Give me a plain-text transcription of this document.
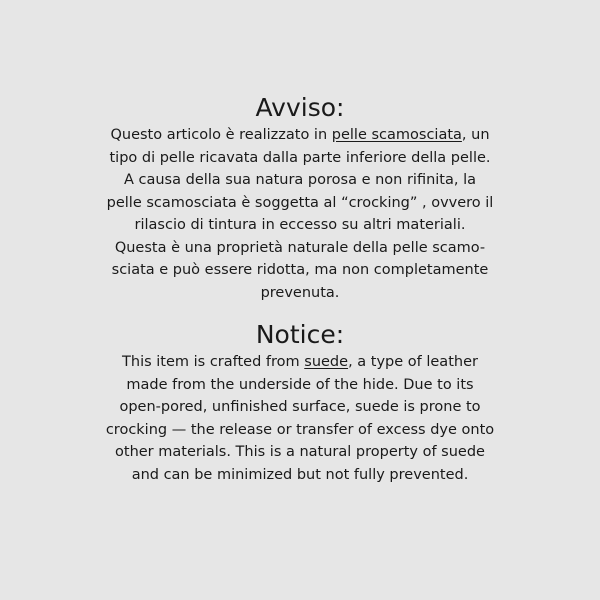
Avviso:
Questo articolo è realizzato in pelle scamosciata, un
tipo di pelle ricavata dalla parte inferiore della pelle.
A causa della sua natura porosa e non rifinita, la
pelle scamosciata è soggetta al “crocking” , ovvero il
rilascio di tintura in eccesso su altri materiali.
Questa è una proprietà naturale della pelle scamo-
sciata e può essere ridotta, ma non completamente
prevenuta.
Notice:
This item is crafted from suede, a type of leather
made from the underside of the hide. Due to its
open-pored, unfinished surface, suede is prone to
crocking — the release or transfer of excess dye onto
other materials. This is a natural property of suede
and can be minimized but not fully prevented.
